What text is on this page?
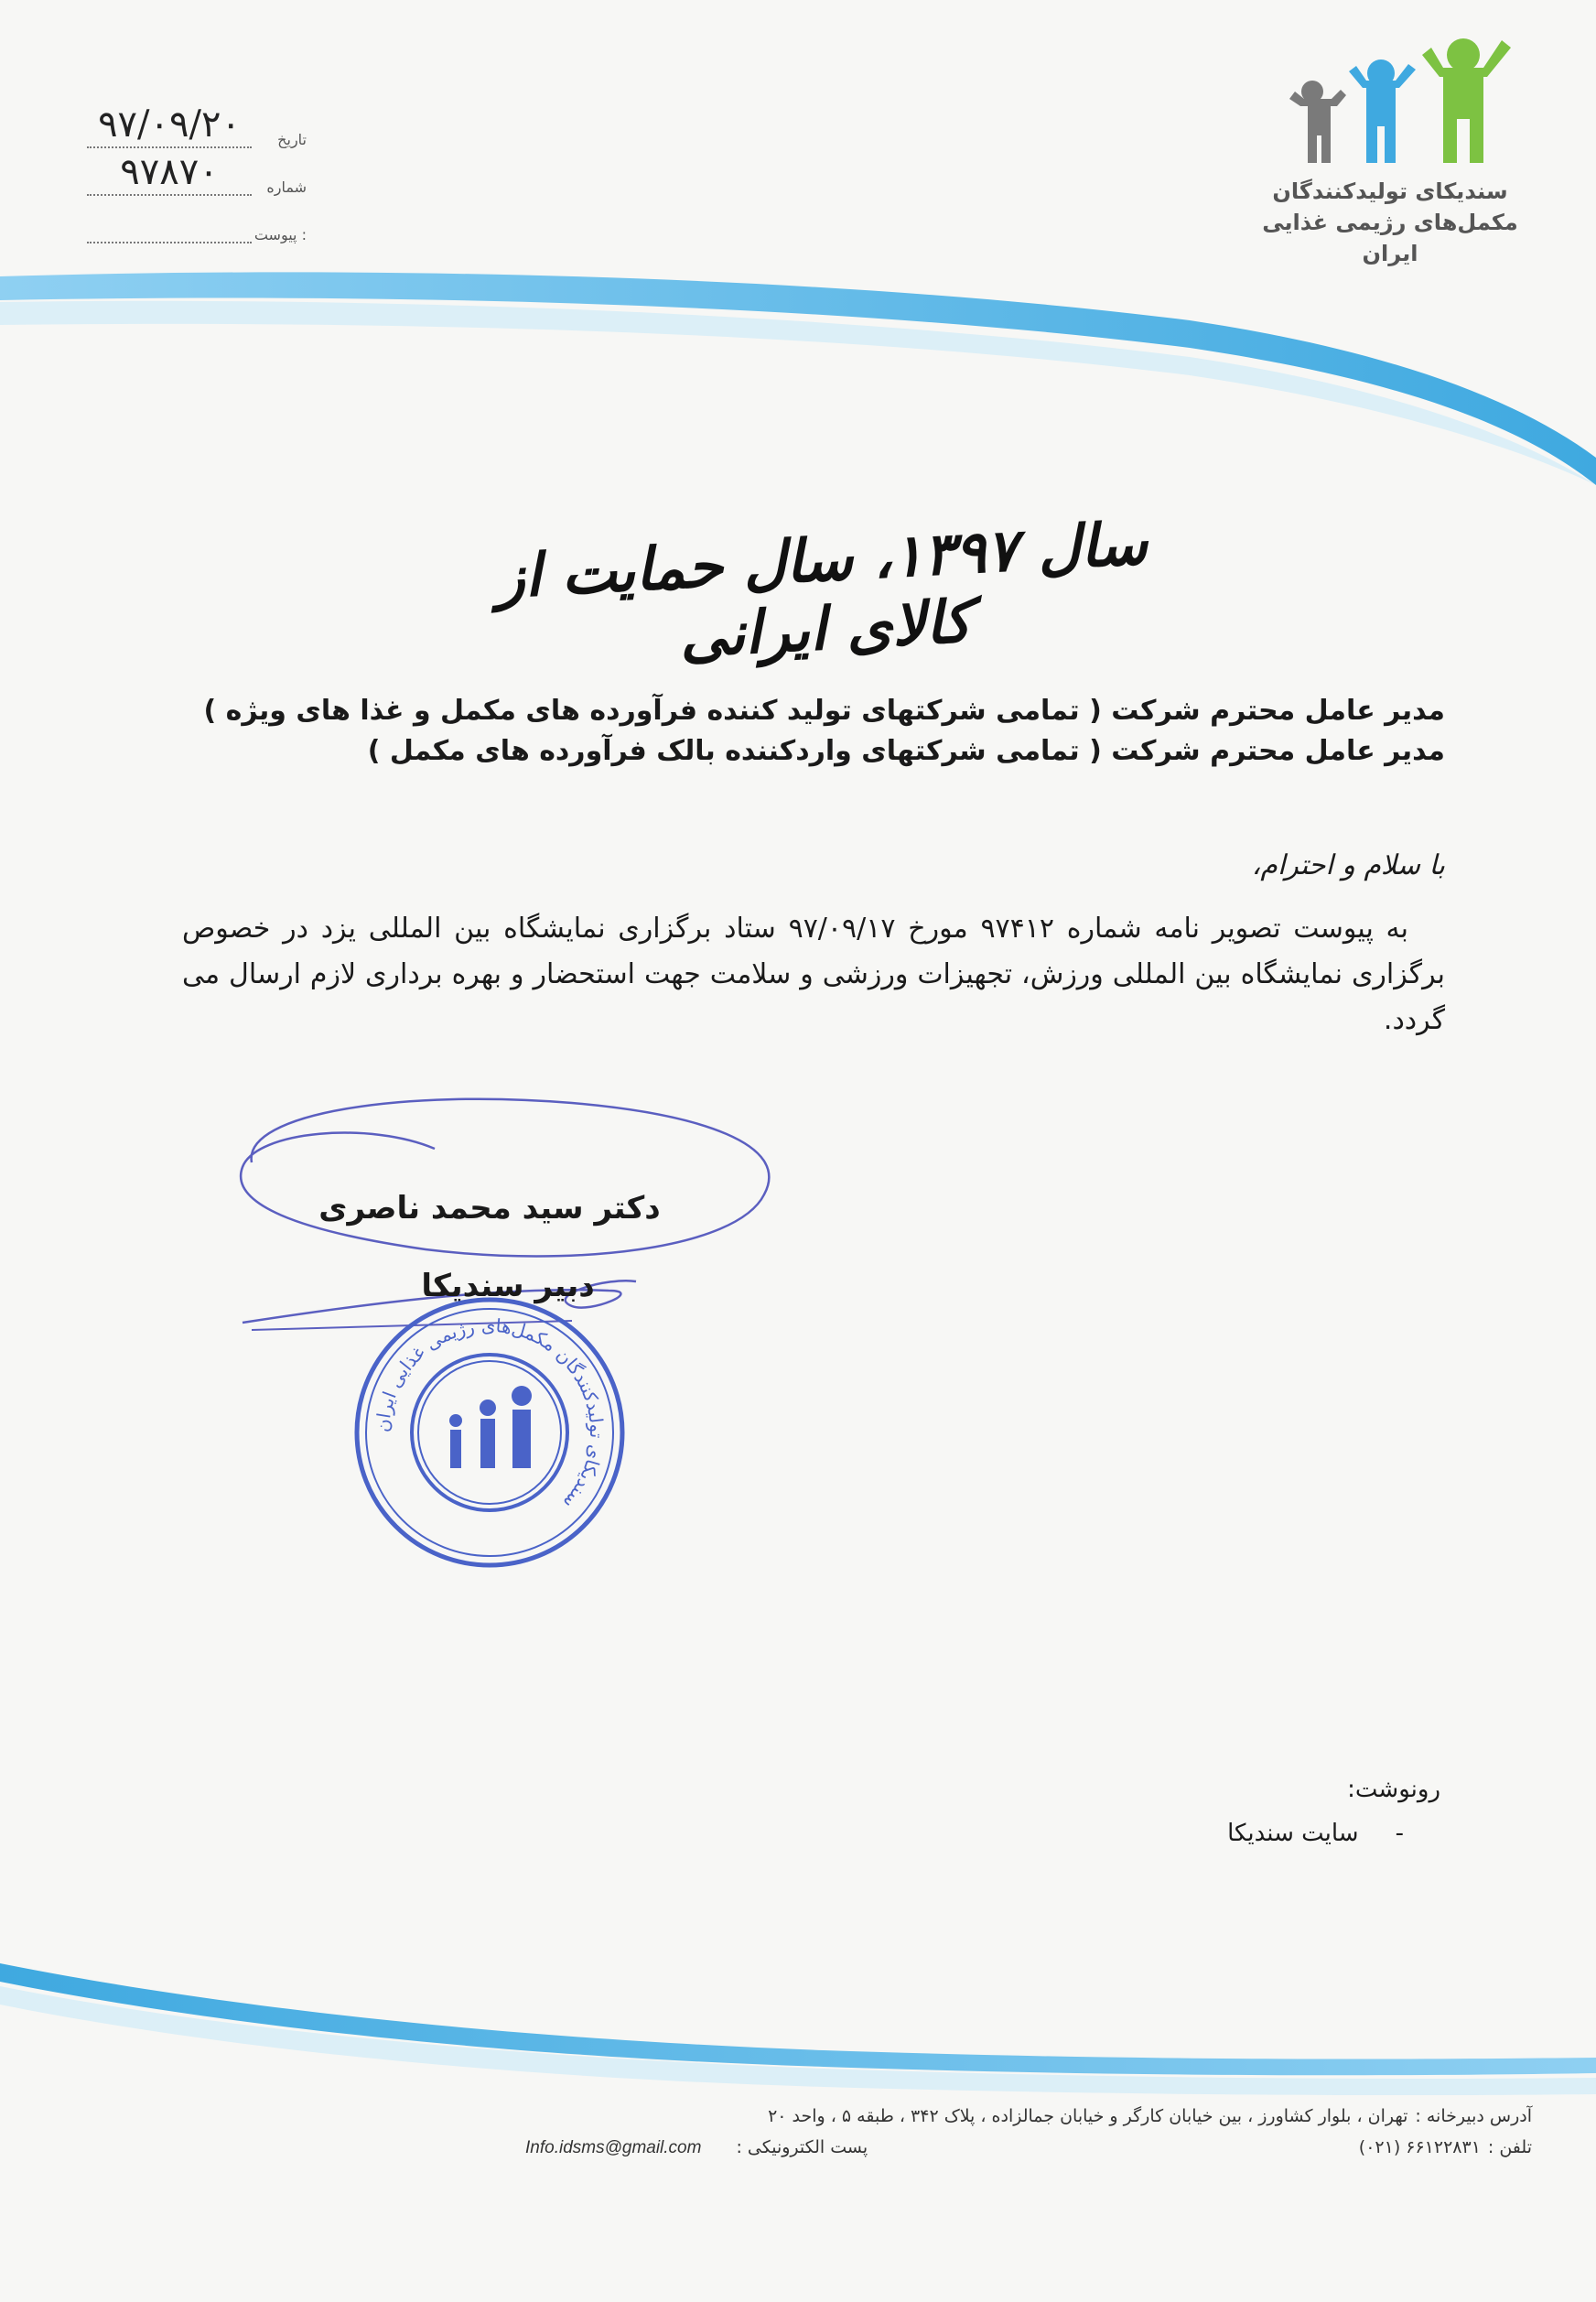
تاریخ
۹۷/۰۹/۲۰
شماره
۹۷۸۷۰
پیوست :
سندیکای تولیدکنندگان
مکمل‌های رژیمی غذایی
ایران
سال ۱۳۹۷، سال حمایت از کالای ایرانی

مدیر عامل محترم شرکت ( تمامی شرکتهای تولید کننده فرآورده های مکمل و غذا های ویژه )

مدیر عامل محترم شرکت ( تمامی شرکتهای واردکننده بالک فرآورده های مکمل )

با سلام و احترام،
به پیوست تصویر نامه شماره ۹۷۴۱۲ مورخ ۹۷/۰۹/۱۷ ستاد برگزاری نمایشگاه بین المللی یزد در خصوص برگزاری نمایشگاه بین المللی ورزش، تجهیزات ورزشی و سلامت جهت استحضار و بهره برداری لازم ارسال می گردد.
دکتر سید محمد ناصری
دبیر سندیکا
سندیکای تولیدکنندگان مکمل‌های رژیمی غذایی ایران

رونوشت:

-سایت سندیکا

آدرس دبیرخانه :تهران ، بلوار کشاورز ، بین خیابان کارگر و خیابان جمالزاده ، پلاک ۳۴۲ ، طبقه ۵ ، واحد ۲۰

تلفن :۶۶۱۲۲۸۳۱ (۰۲۱)
پست الکترونیکی :Info.idsms@gmail.com
